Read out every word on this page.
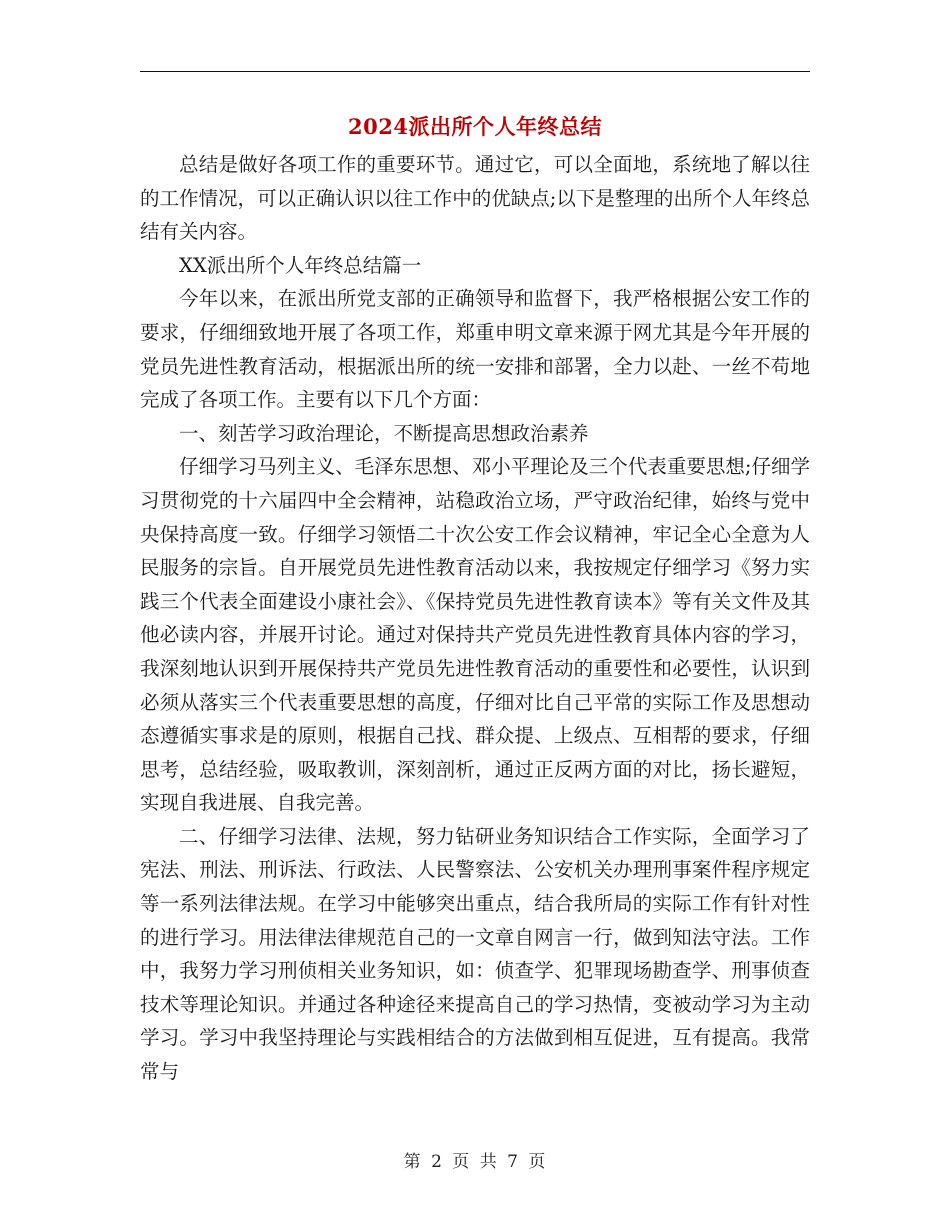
2024派出所个人年终总结

总结是做好各项工作的重要环节。通过它，可以全面地，系统地了解以往的工作情况，可以正确认识以往工作中的优缺点;以下是整理的出所个人年终总结有关内容。

XX派出所个人年终总结篇一

今年以来，在派出所党支部的正确领导和监督下，我严格根据公安工作的要求，仔细细致地开展了各项工作，郑重申明文章来源于网尤其是今年开展的党员先进性教育活动，根据派出所的统一安排和部署，全力以赴、一丝不苟地完成了各项工作。主要有以下几个方面：

一、刻苦学习政治理论，不断提高思想政治素养

仔细学习马列主义、毛泽东思想、邓小平理论及三个代表重要思想;仔细学习贯彻党的十六届四中全会精神，站稳政治立场，严守政治纪律，始终与党中央保持高度一致。仔细学习领悟二十次公安工作会议精神，牢记全心全意为人民服务的宗旨。自开展党员先进性教育活动以来，我按规定仔细学习《努力实践三个代表全面建设小康社会》、《保持党员先进性教育读本》等有关文件及其他必读内容，并展开讨论。通过对保持共产党员先进性教育具体内容的学习，我深刻地认识到开展保持共产党员先进性教育活动的重要性和必要性，认识到必须从落实三个代表重要思想的高度，仔细对比自己平常的实际工作及思想动态遵循实事求是的原则，根据自己找、群众提、上级点、互相帮的要求，仔细思考，总结经验，吸取教训，深刻剖析，通过正反两方面的对比，扬长避短，实现自我进展、自我完善。

二、仔细学习法律、法规，努力钻研业务知识结合工作实际，全面学习了宪法、刑法、刑诉法、行政法、人民警察法、公安机关办理刑事案件程序规定等一系列法律法规。在学习中能够突出重点，结合我所局的实际工作有针对性的进行学习。用法律法律规范自己的一文章自网言一行，做到知法守法。工作中，我努力学习刑侦相关业务知识，如：侦查学、犯罪现场勘查学、刑事侦查技术等理论知识。并通过各种途径来提高自己的学习热情，变被动学习为主动学习。学习中我坚持理论与实践相结合的方法做到相互促进，互有提高。我常常与

第 2 页 共 7 页
